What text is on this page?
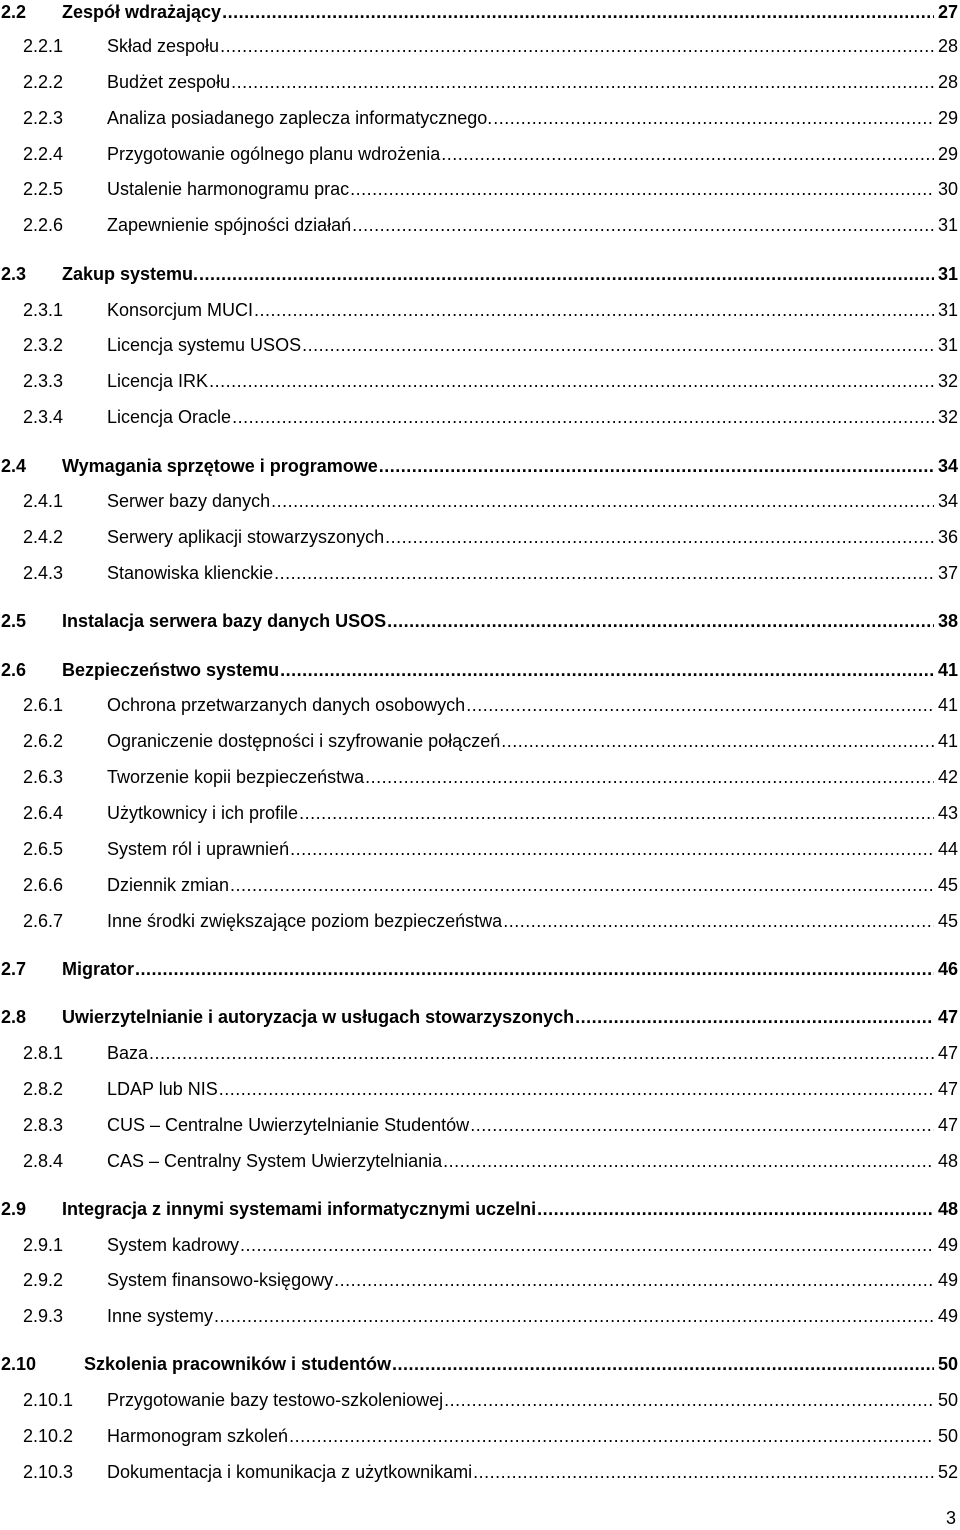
2.2	Zespół wdrażający .....	27
2.2.1	Skład zespołu .....	28
2.2.2	Budżet zespołu .....	28
2.2.3	Analiza posiadanego zaplecza informatycznego. .....	29
2.2.4	Przygotowanie ogólnego planu wdrożenia .....	29
2.2.5	Ustalenie harmonogramu prac .....	30
2.2.6	Zapewnienie spójności działań .....	31
2.3	Zakup systemu. .....	31
2.3.1	Konsorcjum MUCI .....	31
2.3.2	Licencja systemu USOS .....	31
2.3.3	Licencja IRK .....	32
2.3.4	Licencja Oracle .....	32
2.4	Wymagania sprzętowe i programowe .....	34
2.4.1	Serwer bazy danych .....	34
2.4.2	Serwery aplikacji stowarzyszonych .....	36
2.4.3	Stanowiska klienckie .....	37
2.5	Instalacja serwera bazy danych USOS .....	38
2.6	Bezpieczeństwo systemu .....	41
2.6.1	Ochrona przetwarzanych danych osobowych .....	41
2.6.2	Ograniczenie dostępności i szyfrowanie połączeń .....	41
2.6.3	Tworzenie kopii bezpieczeństwa .....	42
2.6.4	Użytkownicy i ich profile .....	43
2.6.5	System ról i uprawnień .....	44
2.6.6	Dziennik zmian .....	45
2.6.7	Inne środki zwiększające poziom bezpieczeństwa .....	45
2.7	Migrator .....	46
2.8	Uwierzytelnianie i autoryzacja w usługach stowarzyszonych .....	47
2.8.1	Baza .....	47
2.8.2	LDAP lub NIS .....	47
2.8.3	CUS – Centralne Uwierzytelnianie Studentów .....	47
2.8.4	CAS – Centralny System Uwierzytelniania .....	48
2.9	Integracja z innymi systemami informatycznymi uczelni .....	48
2.9.1	System kadrowy .....	49
2.9.2	System finansowo-księgowy .....	49
2.9.3	Inne systemy .....	49
2.10	Szkolenia pracowników i studentów .....	50
2.10.1	Przygotowanie bazy testowo-szkoleniowej .....	50
2.10.2	Harmonogram szkoleń .....	50
2.10.3	Dokumentacja i komunikacja z użytkownikami .....	52
3
